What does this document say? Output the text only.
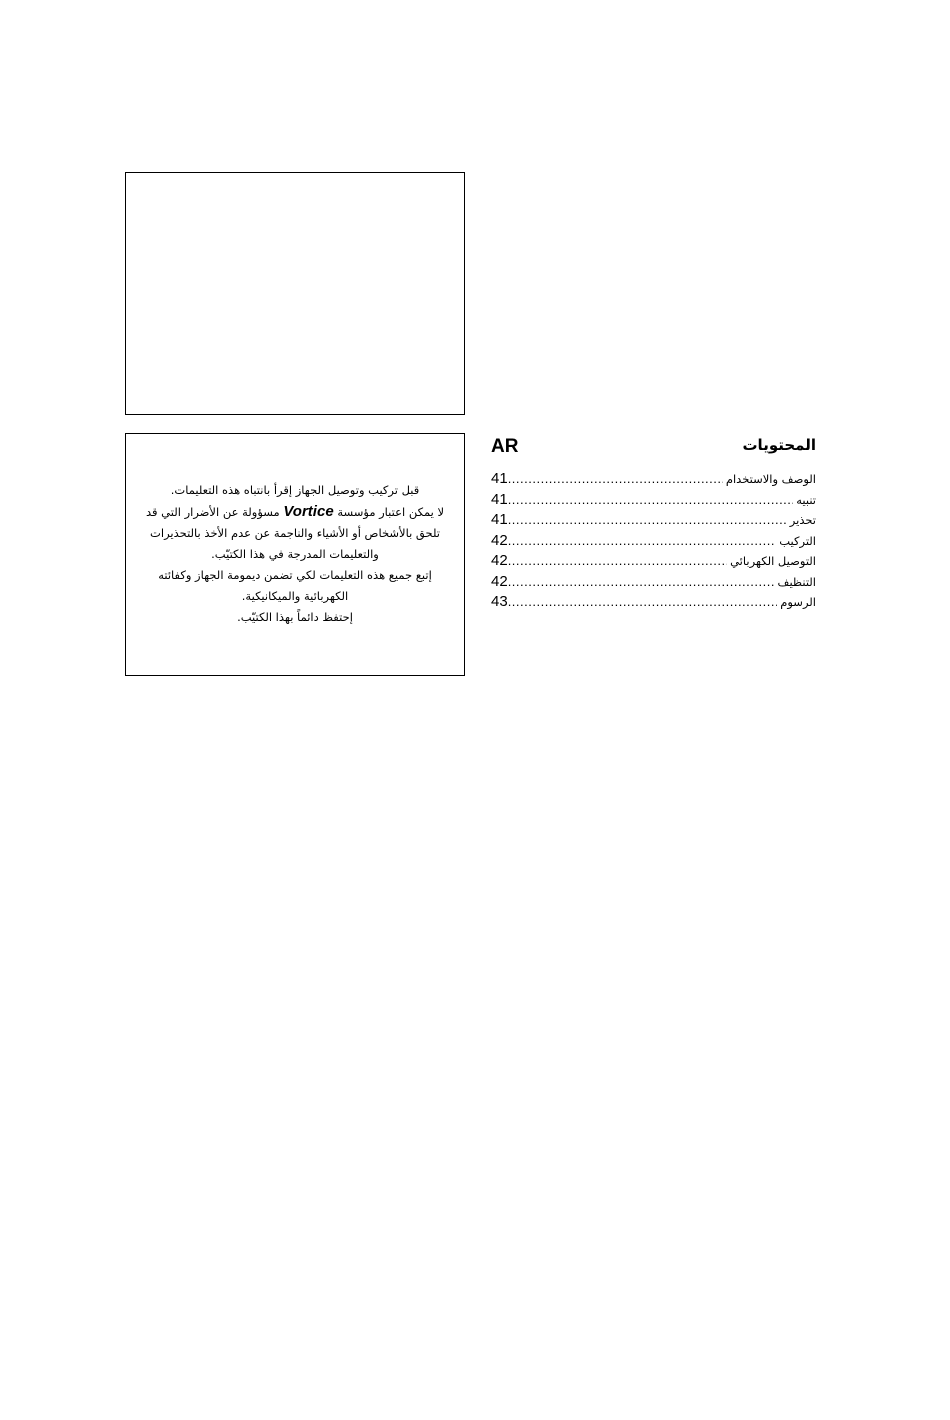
قبل تركيب وتوصيل الجهاز إقرأ بانتباه هذه التعليمات.

لا يمكن اعتبار مؤسسة Vortice مسؤولة عن الأضرار التي قد تلحق بالأشخاص أو الأشياء والناجمة عن عدم الأخذ بالتحذيرات والتعليمات المدرجة في هذا الكتيّب.

إتبع جميع هذه التعليمات لكي تضمن ديمومة الجهاز وكفائته الكهربائية والميكانيكية.

إحتفظ دائماً بهذا الكتيّب.

AR	المحتويات
41 .....	الوصف والاستخدام
41 .....	تنبيه
41 .....	تحذير
42 .....	التركيب
42 .....	التوصيل الكهربائي
42 .....	التنظيف
43 .....	الرسوم
